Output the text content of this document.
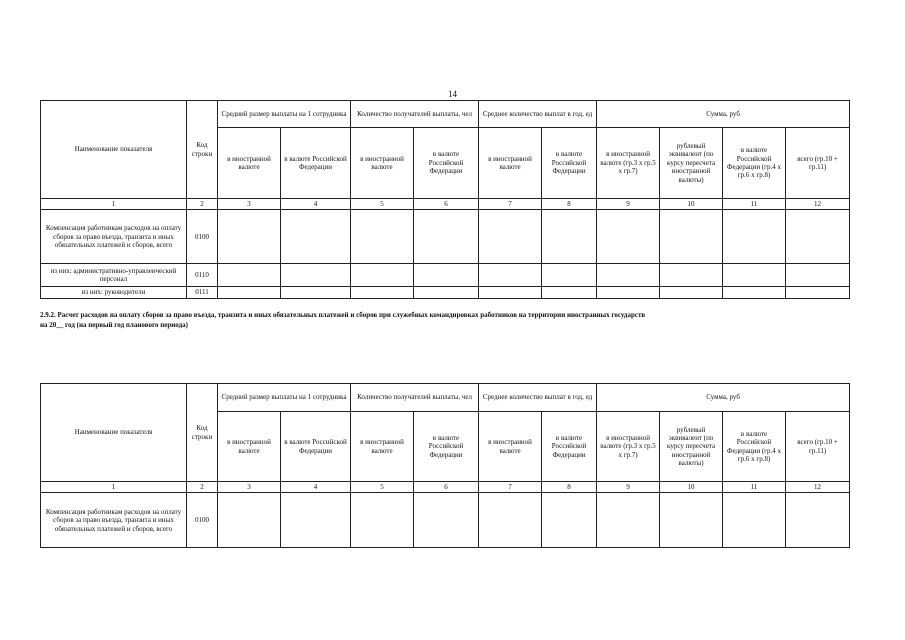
14
Наименование показателя	Код строки	Средний размер выплаты на 1 сотрудника		Количество получателей выплаты, чел		Среднее количество выплат в год, ед		Сумма, руб			
		в иностранной валюте	в валюте Российской Федерации	в иностранной валюте	в валюте Российской Федерации	в иностранной валюте	в валюте Российской Федерации	в иностранной валюте (гр.3 x гр.5 x гр.7)	рублевый эквивалент (по курсу пересчета иностранной валюты)	в валюте Российской Федерации (гр.4 x гр.6 x гр.8)	всего (гр.10 + гр.11)
1	2	3	4	5	6	7	8	9	10	11	12
Компенсация работникам расходов на оплату сборов за право въезда, транзита и иных обязательных платежей и сборов, всего	0100										
из них: административно-управленческий персонал	0110										
из них: руководители	0111										
2.9.2. Расчет расходов на оплату сборов за право въезда, транзита и иных обязательных платежей и сборов при служебных командировках работников на территории иностранных государств
на 20__ год (на первый год планового периода)
Наименование показателя	Код строки	Средний размер выплаты на 1 сотрудника		Количество получателей выплаты, чел		Среднее количество выплат в год, ед		Сумма, руб			
		в иностранной валюте	в валюте Российской Федерации	в иностранной валюте	в валюте Российской Федерации	в иностранной валюте	в валюте Российской Федерации	в иностранной валюте (гр.3 x гр.5 x гр.7)	рублевый эквивалент (по курсу пересчета иностранной валюты)	в валюте Российской Федерации (гр.4 x гр.6 x гр.8)	всего (гр.10 + гр.11)
1	2	3	4	5	6	7	8	9	10	11	12
Компенсация работникам расходов на оплату сборов за право въезда, транзита и иных обязательных платежей и сборов, всего	0100										
